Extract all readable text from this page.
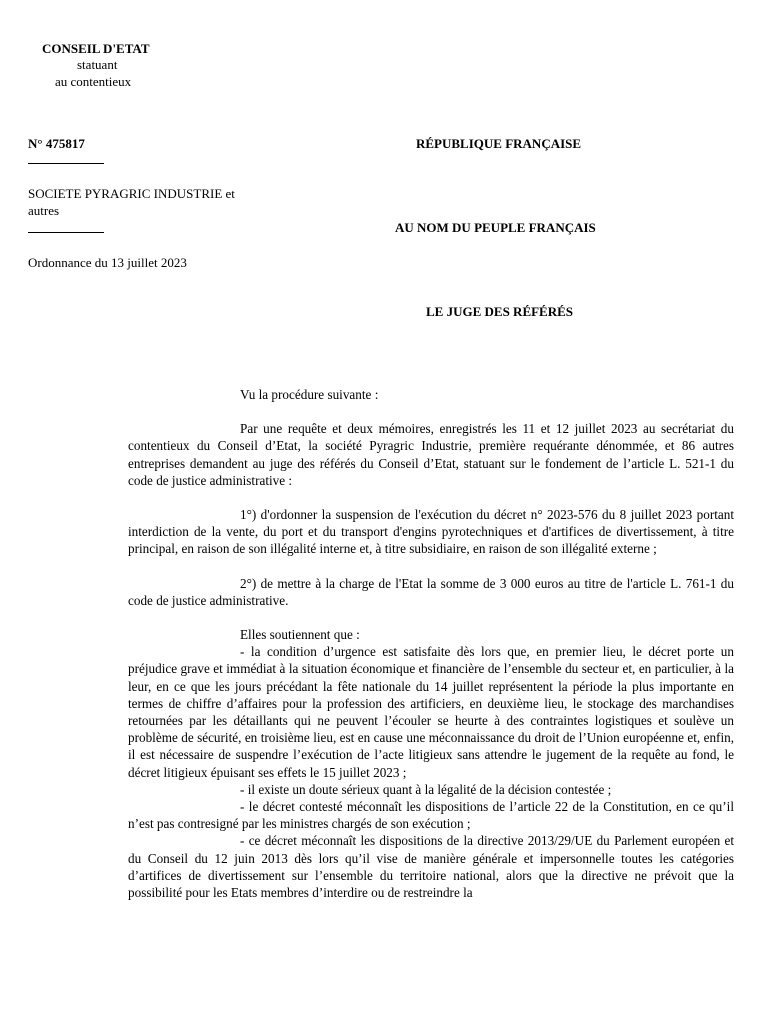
CONSEIL D'ETAT
statuant
au contentieux
N° 475817	RÉPUBLIQUE FRANÇAISE
SOCIETE PYRAGRIC INDUSTRIE et
autres
AU NOM DU PEUPLE FRANÇAIS
Ordonnance du 13 juillet 2023
LE JUGE DES RÉFÉRÉS

Vu la procédure suivante :

Par une requête et deux mémoires, enregistrés les 11 et 12 juillet 2023 au secrétariat du contentieux du Conseil d’Etat, la société Pyragric Industrie, première requérante dénommée, et 86 autres entreprises demandent au juge des référés du Conseil d’Etat, statuant sur le fondement de l’article L. 521-1 du code de justice administrative :

1°) d'ordonner la suspension de l'exécution du décret n° 2023-576 du 8 juillet 2023 portant interdiction de la vente, du port et du transport d'engins pyrotechniques et d'artifices de divertissement, à titre principal, en raison de son illégalité interne et, à titre subsidiaire, en raison de son illégalité externe ;

2°) de mettre à la charge de l'Etat la somme de 3 000 euros au titre de l'article L. 761-1 du code de justice administrative.

Elles soutiennent que :

- la condition d’urgence est satisfaite dès lors que, en premier lieu, le décret porte un préjudice grave et immédiat à la situation économique et financière de l’ensemble du secteur et, en particulier, à la leur, en ce que les jours précédant la fête nationale du 14 juillet représentent la période la plus importante en termes de chiffre d’affaires pour la profession des artificiers, en deuxième lieu, le stockage des marchandises retournées par les détaillants qui ne peuvent l’écouler se heurte à des contraintes logistiques et soulève un problème de sécurité, en troisième lieu, est en cause une méconnaissance du droit de l’Union européenne et, enfin, il est nécessaire de suspendre l’exécution de l’acte litigieux sans attendre le jugement de la requête au fond, le décret litigieux épuisant ses effets le 15 juillet 2023 ;

- il existe un doute sérieux quant à la légalité de la décision contestée ;

- le décret contesté méconnaît les dispositions de l’article 22 de la Constitution, en ce qu’il n’est pas contresigné par les ministres chargés de son exécution ;

- ce décret méconnaît les dispositions de la directive 2013/29/UE du Parlement européen et du Conseil du 12 juin 2013 dès lors qu’il vise de manière générale et impersonnelle toutes les catégories d’artifices de divertissement sur l’ensemble du territoire national, alors que la directive ne prévoit que la possibilité pour les Etats membres d’interdire ou de restreindre la
